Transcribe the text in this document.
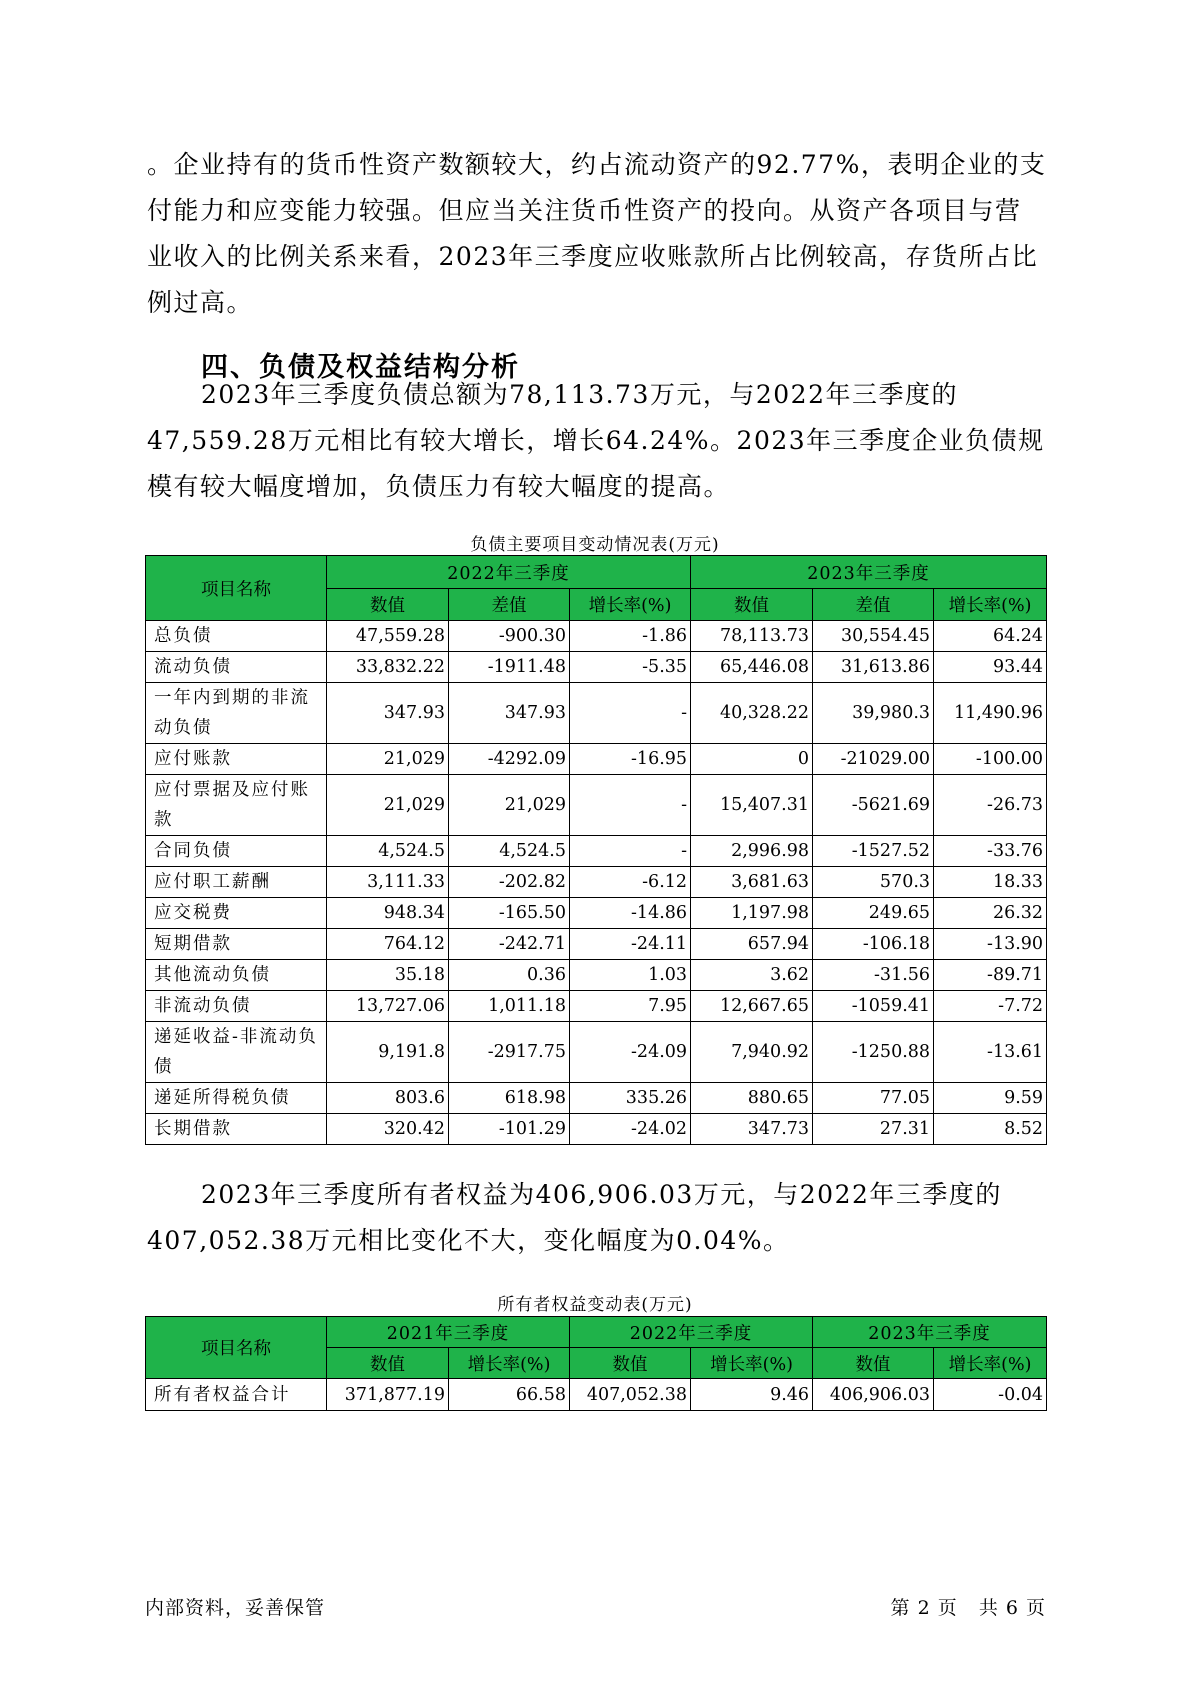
。企业持有的货币性资产数额较大，约占流动资产的92.77%，表明企业的支付能力和应变能力较强。但应当关注货币性资产的投向。从资产各项目与营业收入的比例关系来看，2023年三季度应收账款所占比例较高，存货所占比例过高。

四、负债及权益结构分析

2023年三季度负债总额为78,113.73万元，与2022年三季度的47,559.28万元相比有较大增长，增长64.24%。2023年三季度企业负债规模有较大幅度增加，负债压力有较大幅度的提高。

负债主要项目变动情况表(万元)
项目名称	2022年三季度			2023年三季度		
	数值	差值	增长率(%)	数值	差值	增长率(%)
总负债	47,559.28	-900.30	-1.86	78,113.73	30,554.45	64.24
流动负债	33,832.22	-1911.48	-5.35	65,446.08	31,613.86	93.44
一年内到期的非流动负债	347.93	347.93	-	40,328.22	39,980.3	11,490.96
应付账款	21,029	-4292.09	-16.95	0	-21029.00	-100.00
应付票据及应付账款	21,029	21,029	-	15,407.31	-5621.69	-26.73
合同负债	4,524.5	4,524.5	-	2,996.98	-1527.52	-33.76
应付职工薪酬	3,111.33	-202.82	-6.12	3,681.63	570.3	18.33
应交税费	948.34	-165.50	-14.86	1,197.98	249.65	26.32
短期借款	764.12	-242.71	-24.11	657.94	-106.18	-13.90
其他流动负债	35.18	0.36	1.03	3.62	-31.56	-89.71
非流动负债	13,727.06	1,011.18	7.95	12,667.65	-1059.41	-7.72
递延收益-非流动负债	9,191.8	-2917.75	-24.09	7,940.92	-1250.88	-13.61
递延所得税负债	803.6	618.98	335.26	880.65	77.05	9.59
长期借款	320.42	-101.29	-24.02	347.73	27.31	8.52

2023年三季度所有者权益为406,906.03万元，与2022年三季度的407,052.38万元相比变化不大，变化幅度为0.04%。

所有者权益变动表(万元)
项目名称	2021年三季度		2022年三季度		2023年三季度	
	数值	增长率(%)	数值	增长率(%)	数值	增长率(%)
所有者权益合计	371,877.19	66.58	407,052.38	9.46	406,906.03	-0.04
内部资料，妥善保管	第 2 页   共 6 页
